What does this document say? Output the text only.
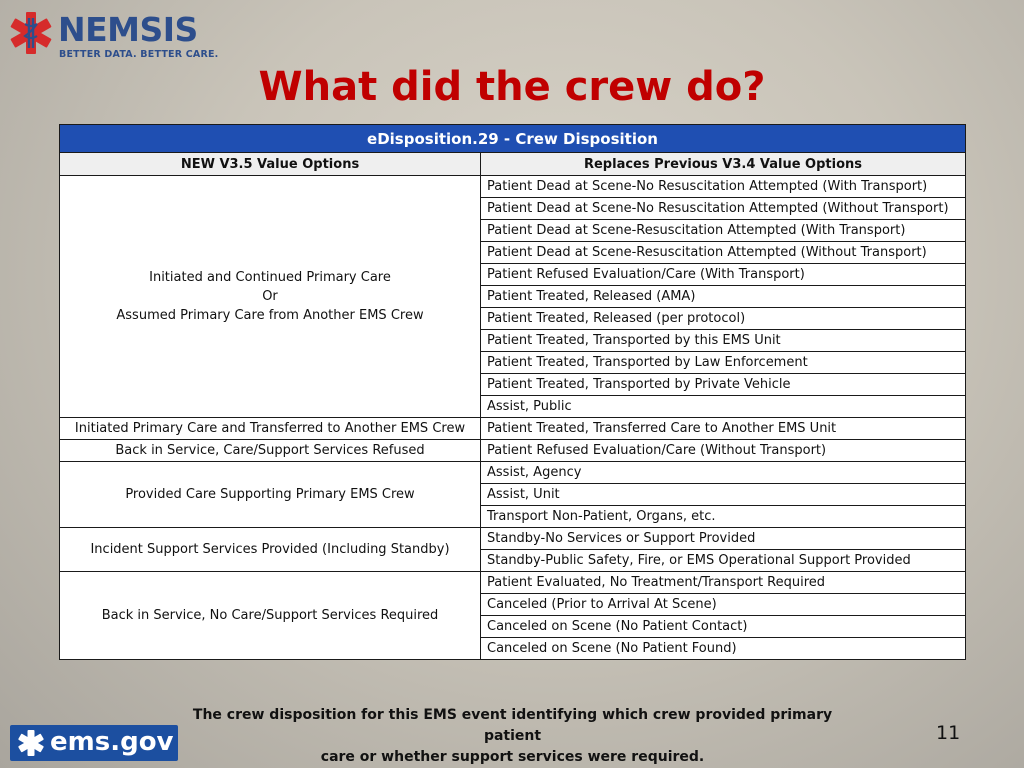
NEMSIS
BETTER DATA. BETTER CARE.
What did the crew do?
eDisposition.29 - Crew Disposition	
NEW V3.5 Value Options	Replaces Previous V3.4 Value Options

Initiated and Continued Primary Care
Or
Assumed Primary Care from Another EMS Crew	Patient Dead at Scene-No Resuscitation Attempted (With Transport)
	Patient Dead at Scene-No Resuscitation Attempted (Without Transport)
	Patient Dead at Scene-Resuscitation Attempted (With Transport)
	Patient Dead at Scene-Resuscitation Attempted (Without Transport)
	Patient Refused Evaluation/Care (With Transport)
	Patient Treated, Released (AMA)
	Patient Treated, Released (per protocol)
	Patient Treated, Transported by this EMS Unit
	Patient Treated, Transported by Law Enforcement
	Patient Treated, Transported by Private Vehicle
	Assist, Public

Initiated Primary Care and Transferred to Another EMS Crew	Patient Treated, Transferred Care to Another EMS Unit

Back in Service, Care/Support Services Refused	Patient Refused Evaluation/Care (Without Transport)

Provided Care Supporting Primary EMS Crew	Assist, Agency
	Assist, Unit
	Transport Non-Patient, Organs, etc.

Incident Support Services Provided (Including Standby)	Standby-No Services or Support Provided
	Standby-Public Safety, Fire, or EMS Operational Support Provided

Back in Service, No Care/Support Services Required	Patient Evaluated, No Treatment/Transport Required
	Canceled (Prior to Arrival At Scene)
	Canceled on Scene (No Patient Contact)
	Canceled on Scene (No Patient Found)
The crew disposition for this EMS event identifying which crew provided primary patient
care or whether support services were required.
11
ems.gov
